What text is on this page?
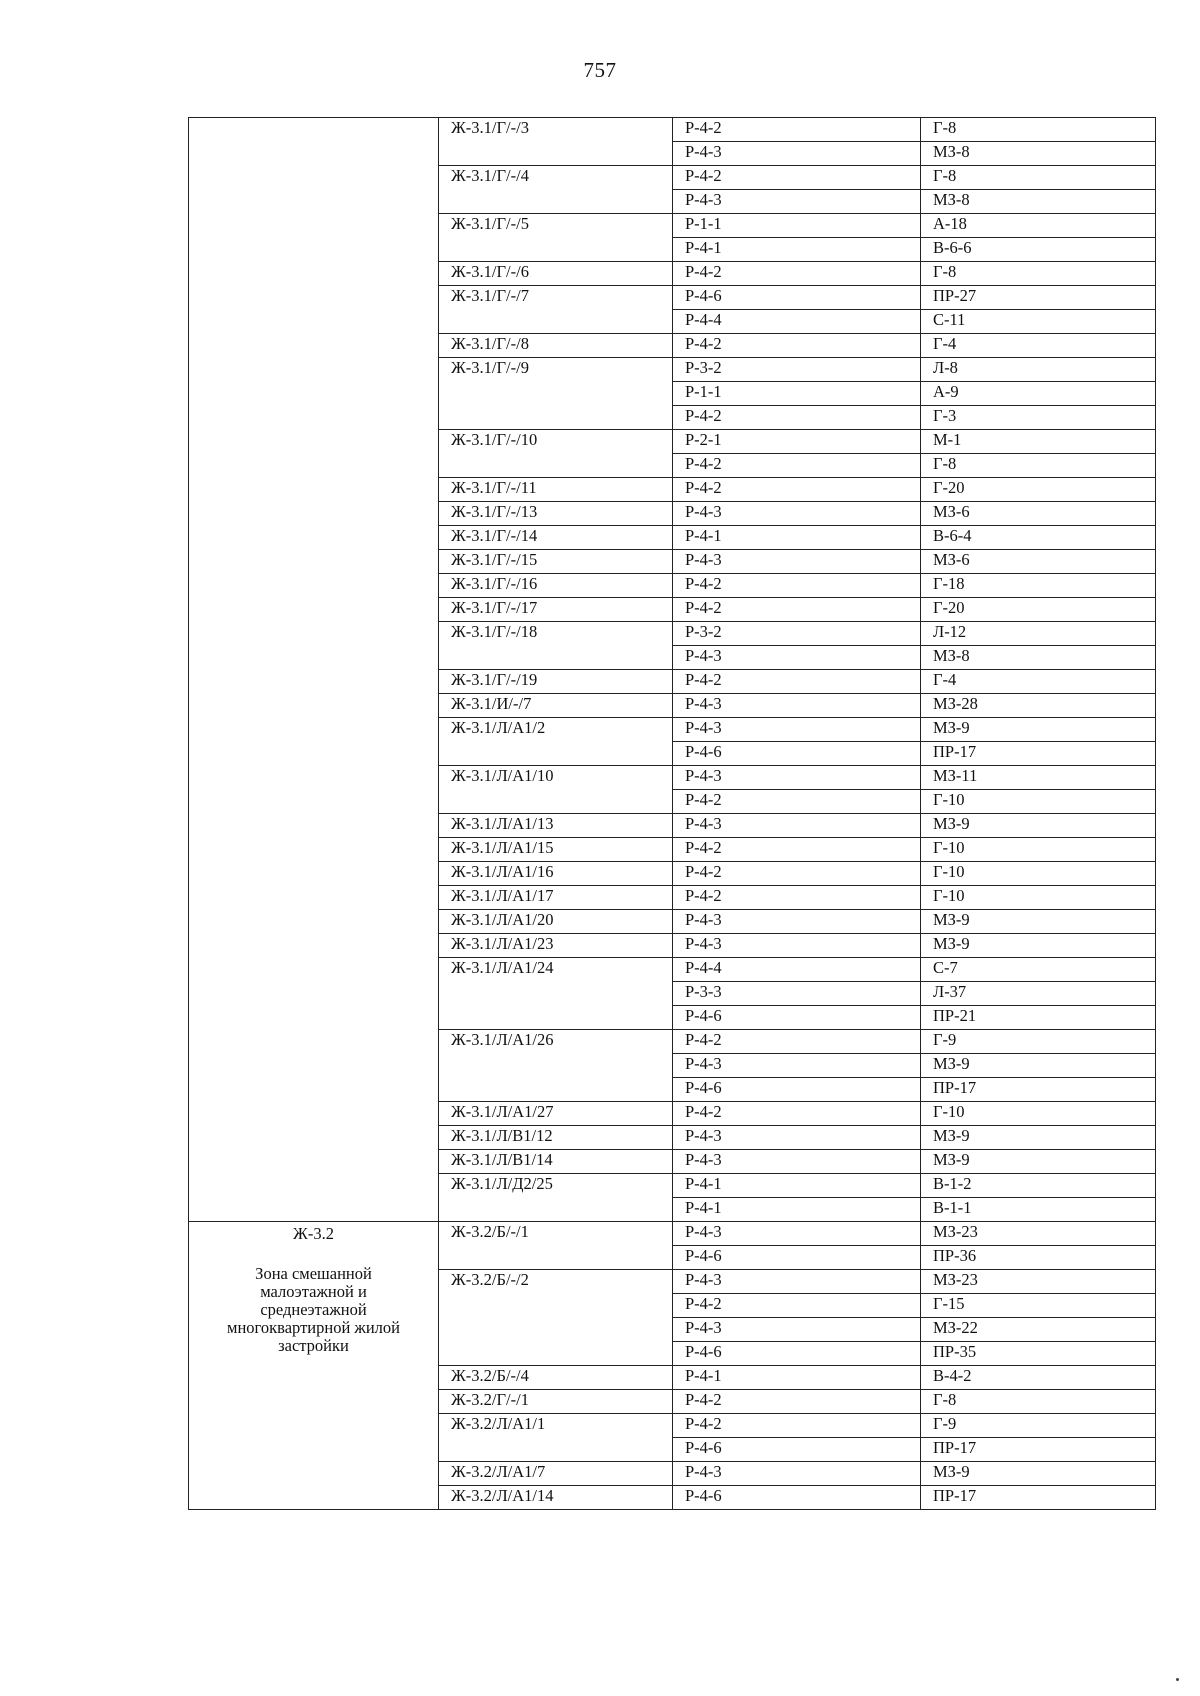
757

	Ж-3.1/Г/-/3	Р-4-2	Г-8

		Р-4-3	МЗ-8

	Ж-3.1/Г/-/4	Р-4-2	Г-8

		Р-4-3	МЗ-8

	Ж-3.1/Г/-/5	Р-1-1	А-18

		Р-4-1	В-6-6

	Ж-3.1/Г/-/6	Р-4-2	Г-8

	Ж-3.1/Г/-/7	Р-4-6	ПР-27

		Р-4-4	С-11

	Ж-3.1/Г/-/8	Р-4-2	Г-4

	Ж-3.1/Г/-/9	Р-3-2	Л-8

		Р-1-1	А-9

		Р-4-2	Г-3

	Ж-3.1/Г/-/10	Р-2-1	М-1

		Р-4-2	Г-8

	Ж-3.1/Г/-/11	Р-4-2	Г-20

	Ж-3.1/Г/-/13	Р-4-3	МЗ-6

	Ж-3.1/Г/-/14	Р-4-1	В-6-4

	Ж-3.1/Г/-/15	Р-4-3	МЗ-6

	Ж-3.1/Г/-/16	Р-4-2	Г-18

	Ж-3.1/Г/-/17	Р-4-2	Г-20

	Ж-3.1/Г/-/18	Р-3-2	Л-12

		Р-4-3	МЗ-8

	Ж-3.1/Г/-/19	Р-4-2	Г-4

	Ж-3.1/И/-/7	Р-4-3	МЗ-28

	Ж-3.1/Л/А1/2	Р-4-3	МЗ-9

		Р-4-6	ПР-17

	Ж-3.1/Л/А1/10	Р-4-3	МЗ-11

		Р-4-2	Г-10

	Ж-3.1/Л/А1/13	Р-4-3	МЗ-9

	Ж-3.1/Л/А1/15	Р-4-2	Г-10

	Ж-3.1/Л/А1/16	Р-4-2	Г-10

	Ж-3.1/Л/А1/17	Р-4-2	Г-10

	Ж-3.1/Л/А1/20	Р-4-3	МЗ-9

	Ж-3.1/Л/А1/23	Р-4-3	МЗ-9

	Ж-3.1/Л/А1/24	Р-4-4	С-7

		Р-3-3	Л-37

		Р-4-6	ПР-21

	Ж-3.1/Л/А1/26	Р-4-2	Г-9

		Р-4-3	МЗ-9

		Р-4-6	ПР-17

	Ж-3.1/Л/А1/27	Р-4-2	Г-10

	Ж-3.1/Л/В1/12	Р-4-3	МЗ-9

	Ж-3.1/Л/В1/14	Р-4-3	МЗ-9

	Ж-3.1/Л/Д2/25	Р-4-1	В-1-2

		Р-4-1	В-1-1

Ж-3.2
Зона смешанной малоэтажной и среднеэтажной многоквартирной жилой застройки	Ж-3.2/Б/-/1	Р-4-3	МЗ-23

		Р-4-6	ПР-36

	Ж-3.2/Б/-/2	Р-4-3	МЗ-23

		Р-4-2	Г-15

		Р-4-3	МЗ-22

		Р-4-6	ПР-35

	Ж-3.2/Б/-/4	Р-4-1	В-4-2

	Ж-3.2/Г/-/1	Р-4-2	Г-8

	Ж-3.2/Л/А1/1	Р-4-2	Г-9

		Р-4-6	ПР-17

	Ж-3.2/Л/А1/7	Р-4-3	МЗ-9

	Ж-3.2/Л/А1/14	Р-4-6	ПР-17
